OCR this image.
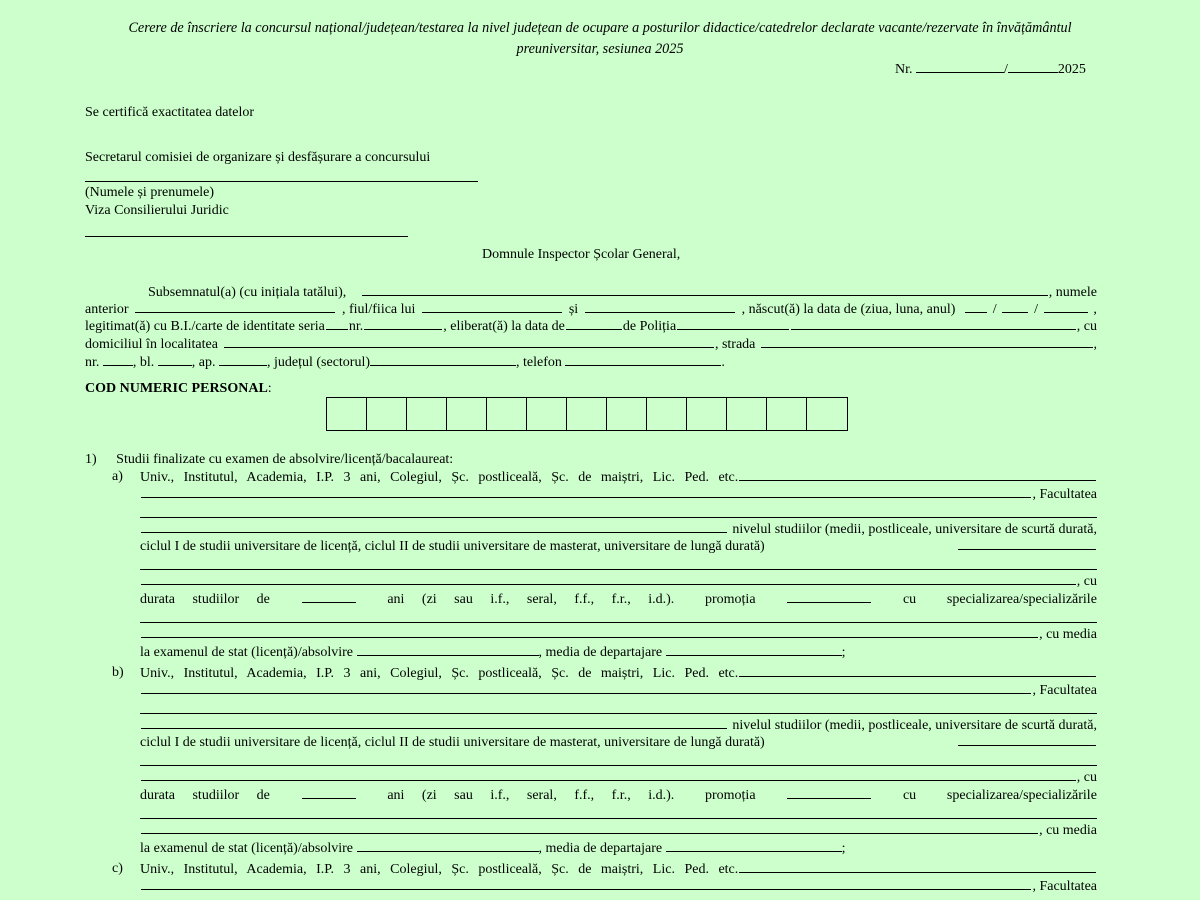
Cerere de înscriere la concursul național/județean/testarea la nivel județean de ocupare a posturilor didactice/catedrelor declarate vacante/rezervate în învățământul preuniversitar, sesiunea 2025
Nr.	/	2025
Se certifică exactitatea datelor
Secretarul comisiei de organizare și desfășurare a concursului
(Numele și prenumele)
Viza Consilierului Juridic
Domnule Inspector Școlar General,
Subsemnatul(a) (cu inițiala tatălui),	, numele
anterior	, fiul/fiica lui	și	, născut(ă) la data de (ziua, luna, anul)	/	/	,
legitimat(ă) cu B.I./carte de identitate seria nr.	, eliberat(ă) la data de	de Poliția	, cu
domiciliul în localitatea	, strada	,
nr. , bl.	, ap.	, județul (sectorul)	, telefon	.
COD NUMERIC PERSONAL:
1) Studii finalizate cu examen de absolvire/licență/bacalaureat:
a) Univ., Institutul, Academia, I.P. 3 ani, Colegiul, Șc. postliceală, Șc. de maiștri, Lic. Ped. etc.
, Facultatea
nivelul studiilor (medii, postliceale, universitare de scurtă durată,
ciclul I de studii universitare de licență, ciclul II de studii universitare de masterat, universitare de lungă durată)
, cu
durata     studiilor     de	ani     (zi     sau     i.f.,     seral,     f.f.,     f.r.,     i.d.). promoția	cu specializarea/specializările
, cu media
la examenul de stat (licență)/absolvire	, media de departajare	;
b) Univ., Institutul, Academia, I.P. 3 ani, Colegiul, Șc. postliceală, Șc. de maiștri, Lic. Ped. etc.
, Facultatea
nivelul studiilor (medii, postliceale, universitare de scurtă durată,
ciclul I de studii universitare de licență, ciclul II de studii universitare de masterat, universitare de lungă durată)
, cu
durata     studiilor     de	ani     (zi     sau     i.f.,     seral,     f.f.,     f.r.,     i.d.). promoția	cu specializarea/specializările
, cu media
la examenul de stat (licență)/absolvire	, media de departajare	;
c) Univ., Institutul, Academia, I.P. 3 ani, Colegiul, Șc. postliceală, Șc. de maiștri, Lic. Ped. etc.
, Facultatea
